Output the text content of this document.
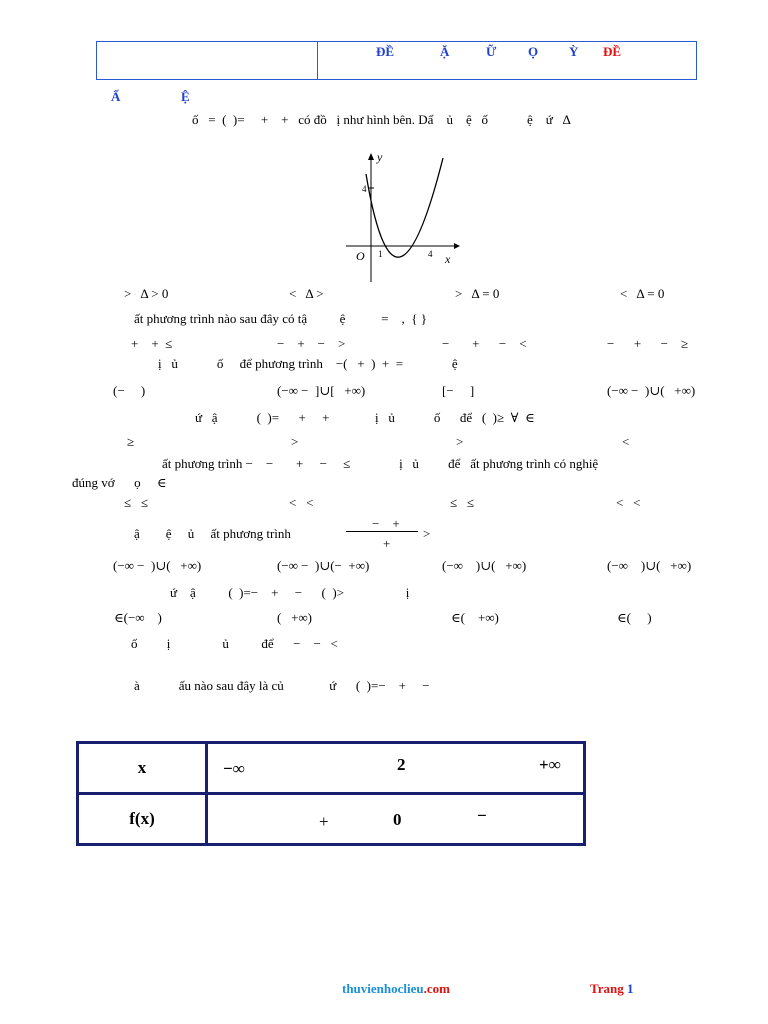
ĐỀ	Ặ	Ữ Ọ Ỳ ĐỀ
Ấ	Ệ
ố   =  (  )=     +    +   có đồ   ị như hình bên. Dấ    ủ    ệ   ố            ệ    ứ   Δ
y
x
O 1	4
4
>   Δ > 0	<   Δ >	>   Δ = 0	<   Δ = 0
ất phương trình nào sau đây có tậ          ệ           =    ,  { }
+    +  ≤	−    +    −    >	−       +      −    <	−      +      −    ≥
ị   ủ            ố     để phương trình    −(   +  )  +  =               ệ
(−     )	(−∞ −  ]∪[   +∞)	[−     ]	(−∞ −  )∪(   +∞)
ứ   ậ            (  )=      +     +              ị   ủ            ố      để   (  )≥  ∀  ∈
≥	>	>	<
ất phương trình −    −       +     −     ≤               ị   ủ         để   ất phương trình có nghiệ
đúng vớ      ọ     ∈
≤   ≤	<   <	≤   ≤	<   <
ậ        ệ     ủ     ất phương trình
−    +
+
>
(−∞ −  )∪(   +∞)	(−∞ −  )∪(−  +∞)	(−∞    )∪(   +∞)	(−∞    )∪(   +∞)
ứ    ậ          (  )=−    +     −      (  )>                   ị
∈(−∞    )	(   +∞)	∈(    +∞)	∈(     )
ố         ị                ủ          để      −    −   <
à            ấu nào sau đây là củ              ứ      (  )=−    +     −
x	−∞ 2 +∞

f(x)	+ 0 −
thuvienhoclieu.com	Trang 1
